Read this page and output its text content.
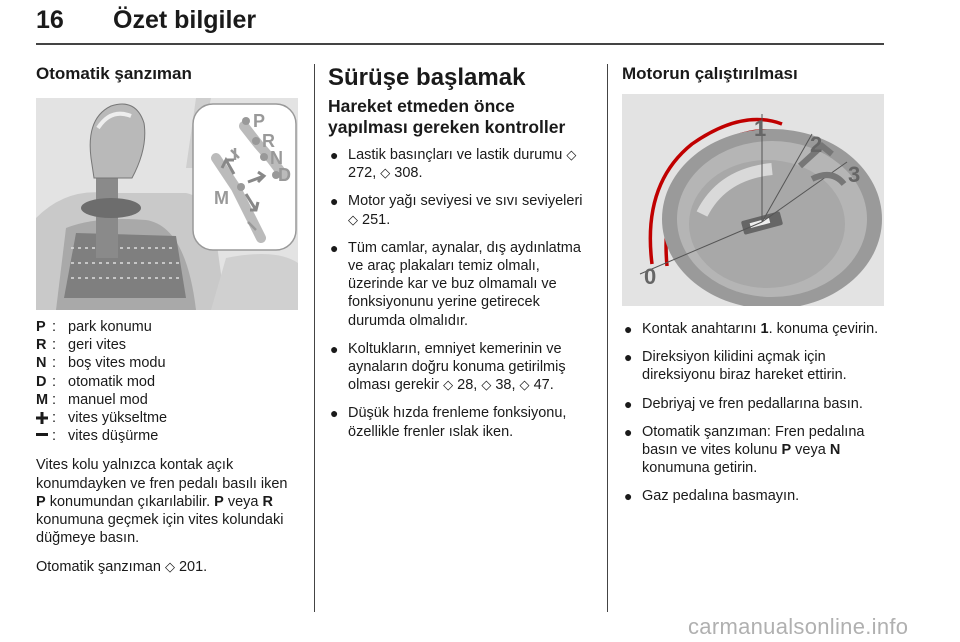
16 Özet bilgiler
Otomatik şanzıman
P
R
N
D
M
P : park konumu
R : geri vites
N : boş vites modu
D : otomatik mod
M : manuel mod
: vites yükseltme
: vites düşürme

Vites kolu yalnızca kontak açık konumdayken ve fren pedalı basılı iken P konumundan çıkarılabilir. P veya R konumuna geçmek için vites kolundaki düğmeye basın.

Otomatik şanzıman ◇ 201.

Sürüşe başlamak
Hareket etmeden önce yapılması gereken kontroller
● Lastik basınçları ve lastik durumu ◇ 272, ◇ 308.
● Motor yağı seviyesi ve sıvı seviyeleri ◇ 251.
● Tüm camlar, aynalar, dış aydınlatma ve araç plakaları temiz olmalı, üzerinde kar ve buz olmamalı ve fonksiyonunu yerine getirecek durumda olmalıdır.
● Koltukların, emniyet kemerinin ve aynaların doğru konuma getirilmiş olması gerekir ◇ 28, ◇ 38, ◇ 47.
● Düşük hızda frenleme fonksiyonu, özellikle frenler ıslak iken.
Motorun çalıştırılması
0
1
2
3
● Kontak anahtarını 1. konuma çevirin.
● Direksiyon kilidini açmak için direksiyonu biraz hareket ettirin.
● Debriyaj ve fren pedallarına basın.
● Otomatik şanzıman: Fren pedalına basın ve vites kolunu P veya N konumuna getirin.
● Gaz pedalına basmayın.
carmanualsonline.info
